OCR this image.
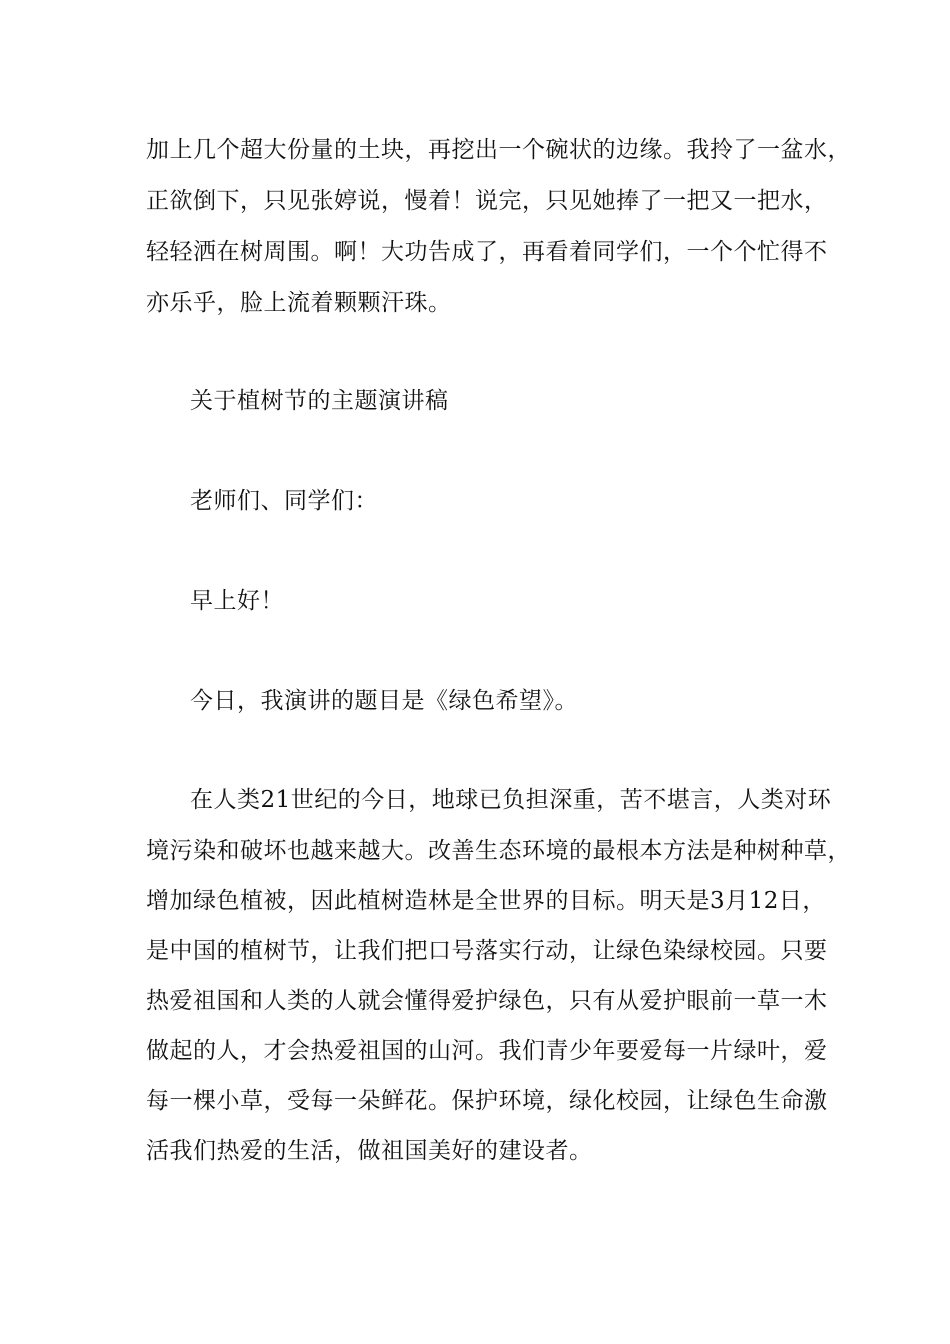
加上几个超大份量的土块，再挖出一个碗状的边缘。我拎了一盆水，

正欲倒下，只见张婷说，慢着！说完，只见她捧了一把又一把水，

轻轻洒在树周围。啊！大功告成了，再看着同学们，一个个忙得不

亦乐乎，脸上流着颗颗汗珠。

关于植树节的主题演讲稿

老师们、同学们：

早上好！

今日，我演讲的题目是《绿色希望》。

在人类21世纪的今日，地球已负担深重，苦不堪言，人类对环

境污染和破坏也越来越大。改善生态环境的最根本方法是种树种草，

增加绿色植被，因此植树造林是全世界的目标。明天是3月12日，

是中国的植树节，让我们把口号落实行动，让绿色染绿校园。只要

热爱祖国和人类的人就会懂得爱护绿色，只有从爱护眼前一草一木

做起的人，才会热爱祖国的山河。我们青少年要爱每一片绿叶，爱

每一棵小草，受每一朵鲜花。保护环境，绿化校园，让绿色生命激

活我们热爱的生活，做祖国美好的建设者。
